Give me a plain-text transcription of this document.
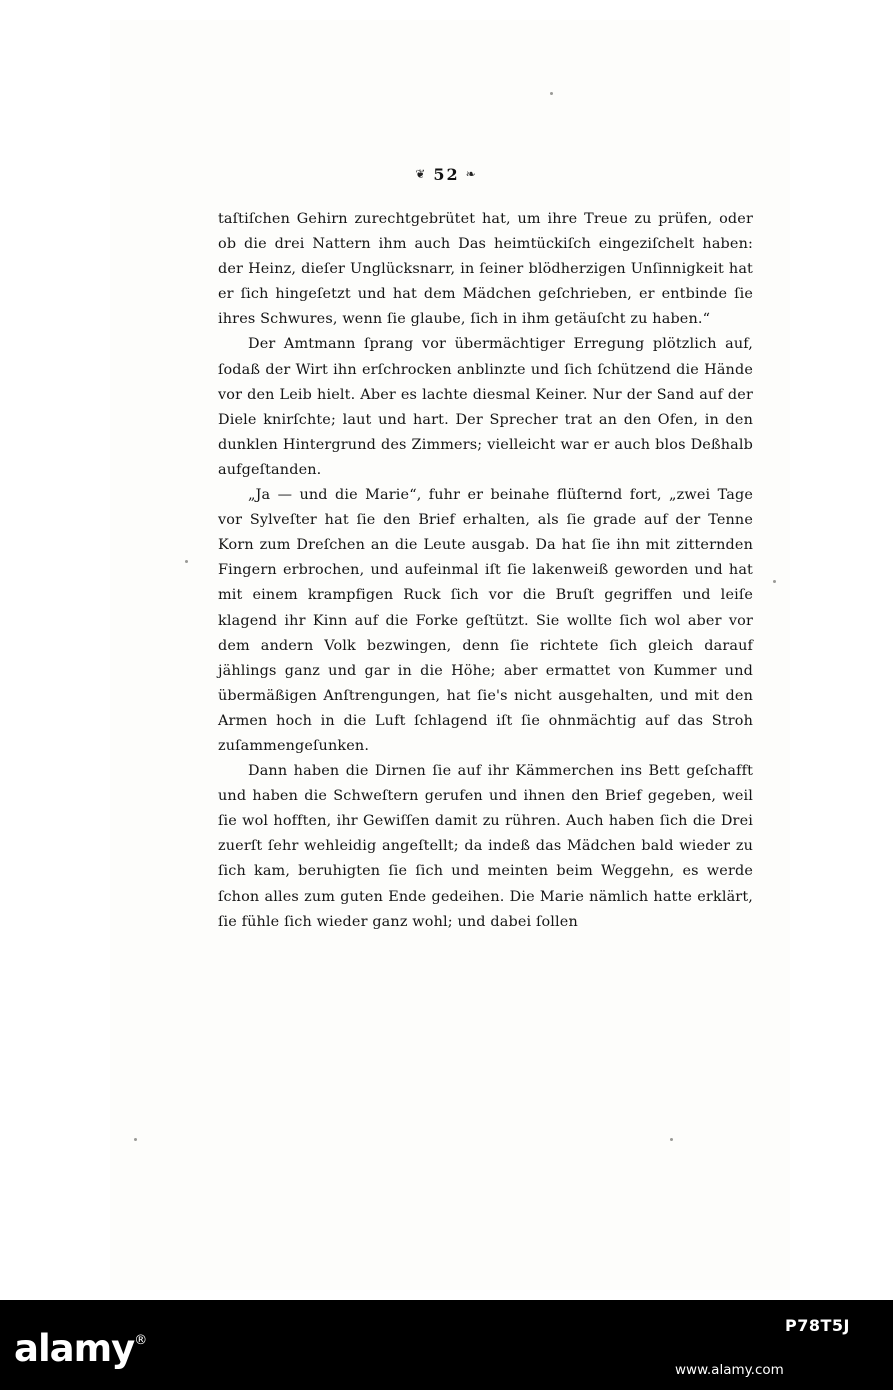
❦ 52 ❧

taſtiſchen Gehirn zurechtgebrütet hat, um ihre Treue zu prüfen, oder ob die drei Nattern ihm auch Das heimtückiſch eingeziſchelt haben: der Heinz, dieſer Unglücksnarr, in ſeiner blödherzigen Unſinnigkeit hat er ſich hingeſetzt und hat dem Mädchen geſchrieben, er entbinde ſie ihres Schwures, wenn ſie glaube, ſich in ihm getäuſcht zu haben.“

Der Amtmann ſprang vor übermächtiger Erregung plötzlich auf, ſodaß der Wirt ihn erſchrocken anblinzte und ſich ſchützend die Hände vor den Leib hielt. Aber es lachte diesmal Keiner. Nur der Sand auf der Diele knirſchte; laut und hart. Der Sprecher trat an den Ofen, in den dunklen Hintergrund des Zimmers; vielleicht war er auch blos Deßhalb aufgeſtanden.

„Ja — und die Marie“, fuhr er beinahe flüſternd fort, „zwei Tage vor Sylveſter hat ſie den Brief erhalten, als ſie grade auf der Tenne Korn zum Dreſchen an die Leute ausgab. Da hat ſie ihn mit zitternden Fingern erbrochen, und aufeinmal iſt ſie lakenweiß geworden und hat mit einem krampfigen Ruck ſich vor die Bruſt gegriffen und leiſe klagend ihr Kinn auf die Forke geſtützt. Sie wollte ſich wol aber vor dem andern Volk bezwingen, denn ſie richtete ſich gleich darauf jählings ganz und gar in die Höhe; aber ermattet von Kummer und übermäßigen Anſtrengungen, hat ſie's nicht ausgehalten, und mit den Armen hoch in die Luft ſchlagend iſt ſie ohnmächtig auf das Stroh zuſammengeſunken.

Dann haben die Dirnen ſie auf ihr Kämmerchen ins Bett geſchafft und haben die Schweſtern gerufen und ihnen den Brief gegeben, weil ſie wol hofften, ihr Gewiſſen damit zu rühren. Auch haben ſich die Drei zuerſt ſehr wehleidig angeſtellt; da indeß das Mädchen bald wieder zu ſich kam, beruhigten ſie ſich und meinten beim Weggehn, es werde ſchon alles zum guten Ende gedeihen. Die Marie nämlich hatte erklärt, ſie fühle ſich wieder ganz wohl; und dabei ſollen

alamy®
www.alamy.com
P78T5J
